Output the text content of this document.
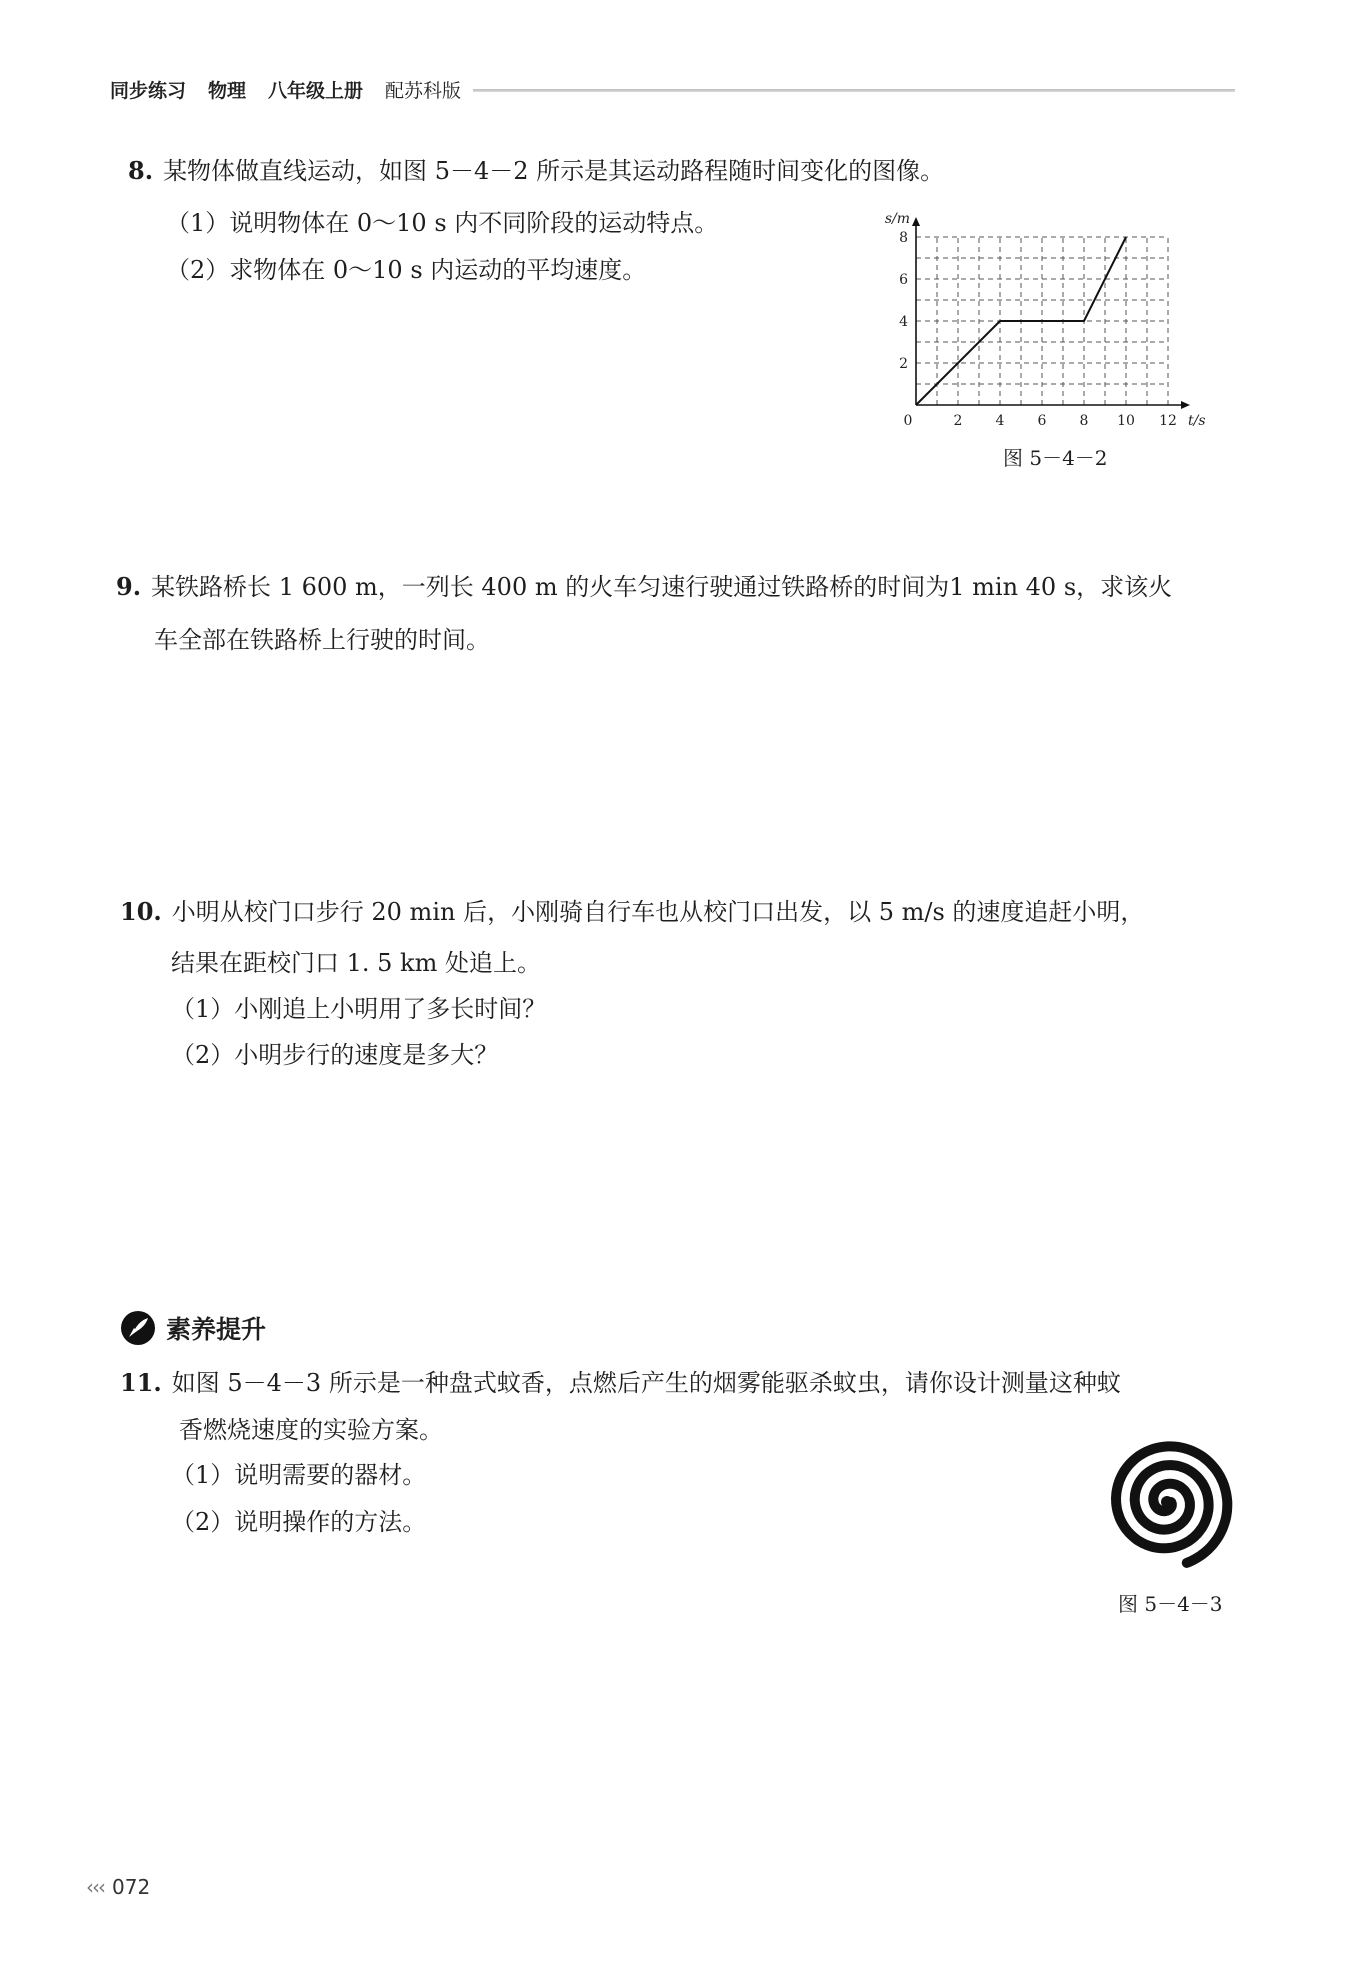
同步练习 物理 八年级上册 配苏科版
8. 某物体做直线运动，如图 5－4－2 所示是其运动路程随时间变化的图像。
（1）说明物体在 0～10 s 内不同阶段的运动特点。
（2）求物体在 0～10 s 内运动的平均速度。
0	2 4 6 8 10 12
2
4
6
8
t/s
s/m
图 5－4－2
9. 某铁路桥长 1 600 m，一列长 400 m 的火车匀速行驶通过铁路桥的时间为1 min 40 s，求该火
车全部在铁路桥上行驶的时间。
10. 小明从校门口步行 20 min 后，小刚骑自行车也从校门口出发，以 5 m/s 的速度追赶小明，
结果在距校门口 1. 5 km 处追上。
（1）小刚追上小明用了多长时间？
（2）小明步行的速度是多大？
素养提升
11. 如图 5－4－3 所示是一种盘式蚊香，点燃后产生的烟雾能驱杀蚊虫，请你设计测量这种蚊
香燃烧速度的实验方案。
（1）说明需要的器材。
（2）说明操作的方法。
图 5－4－3
‹‹‹ 072
